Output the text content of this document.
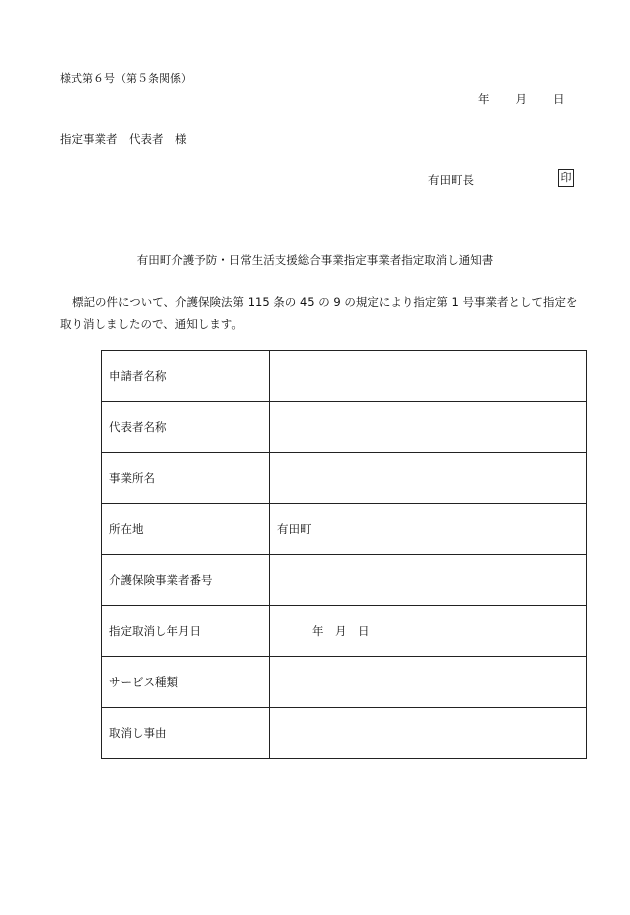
様式第６号（第５条関係）
年 月 日
指定事業者　代表者　様
有田町長	印
有田町介護予防・日常生活支援総合事業指定事業者指定取消し通知書
標記の件について、介護保険法第 115 条の 45 の 9 の規定により指定第 1 号事業者として指定を取り消しましたので、通知します。
申請者名称	
代表者名称	
事業所名	
所在地	有田町
介護保険事業者番号	
指定取消し年月日	年　月　日
サービス種類	
取消し事由	
